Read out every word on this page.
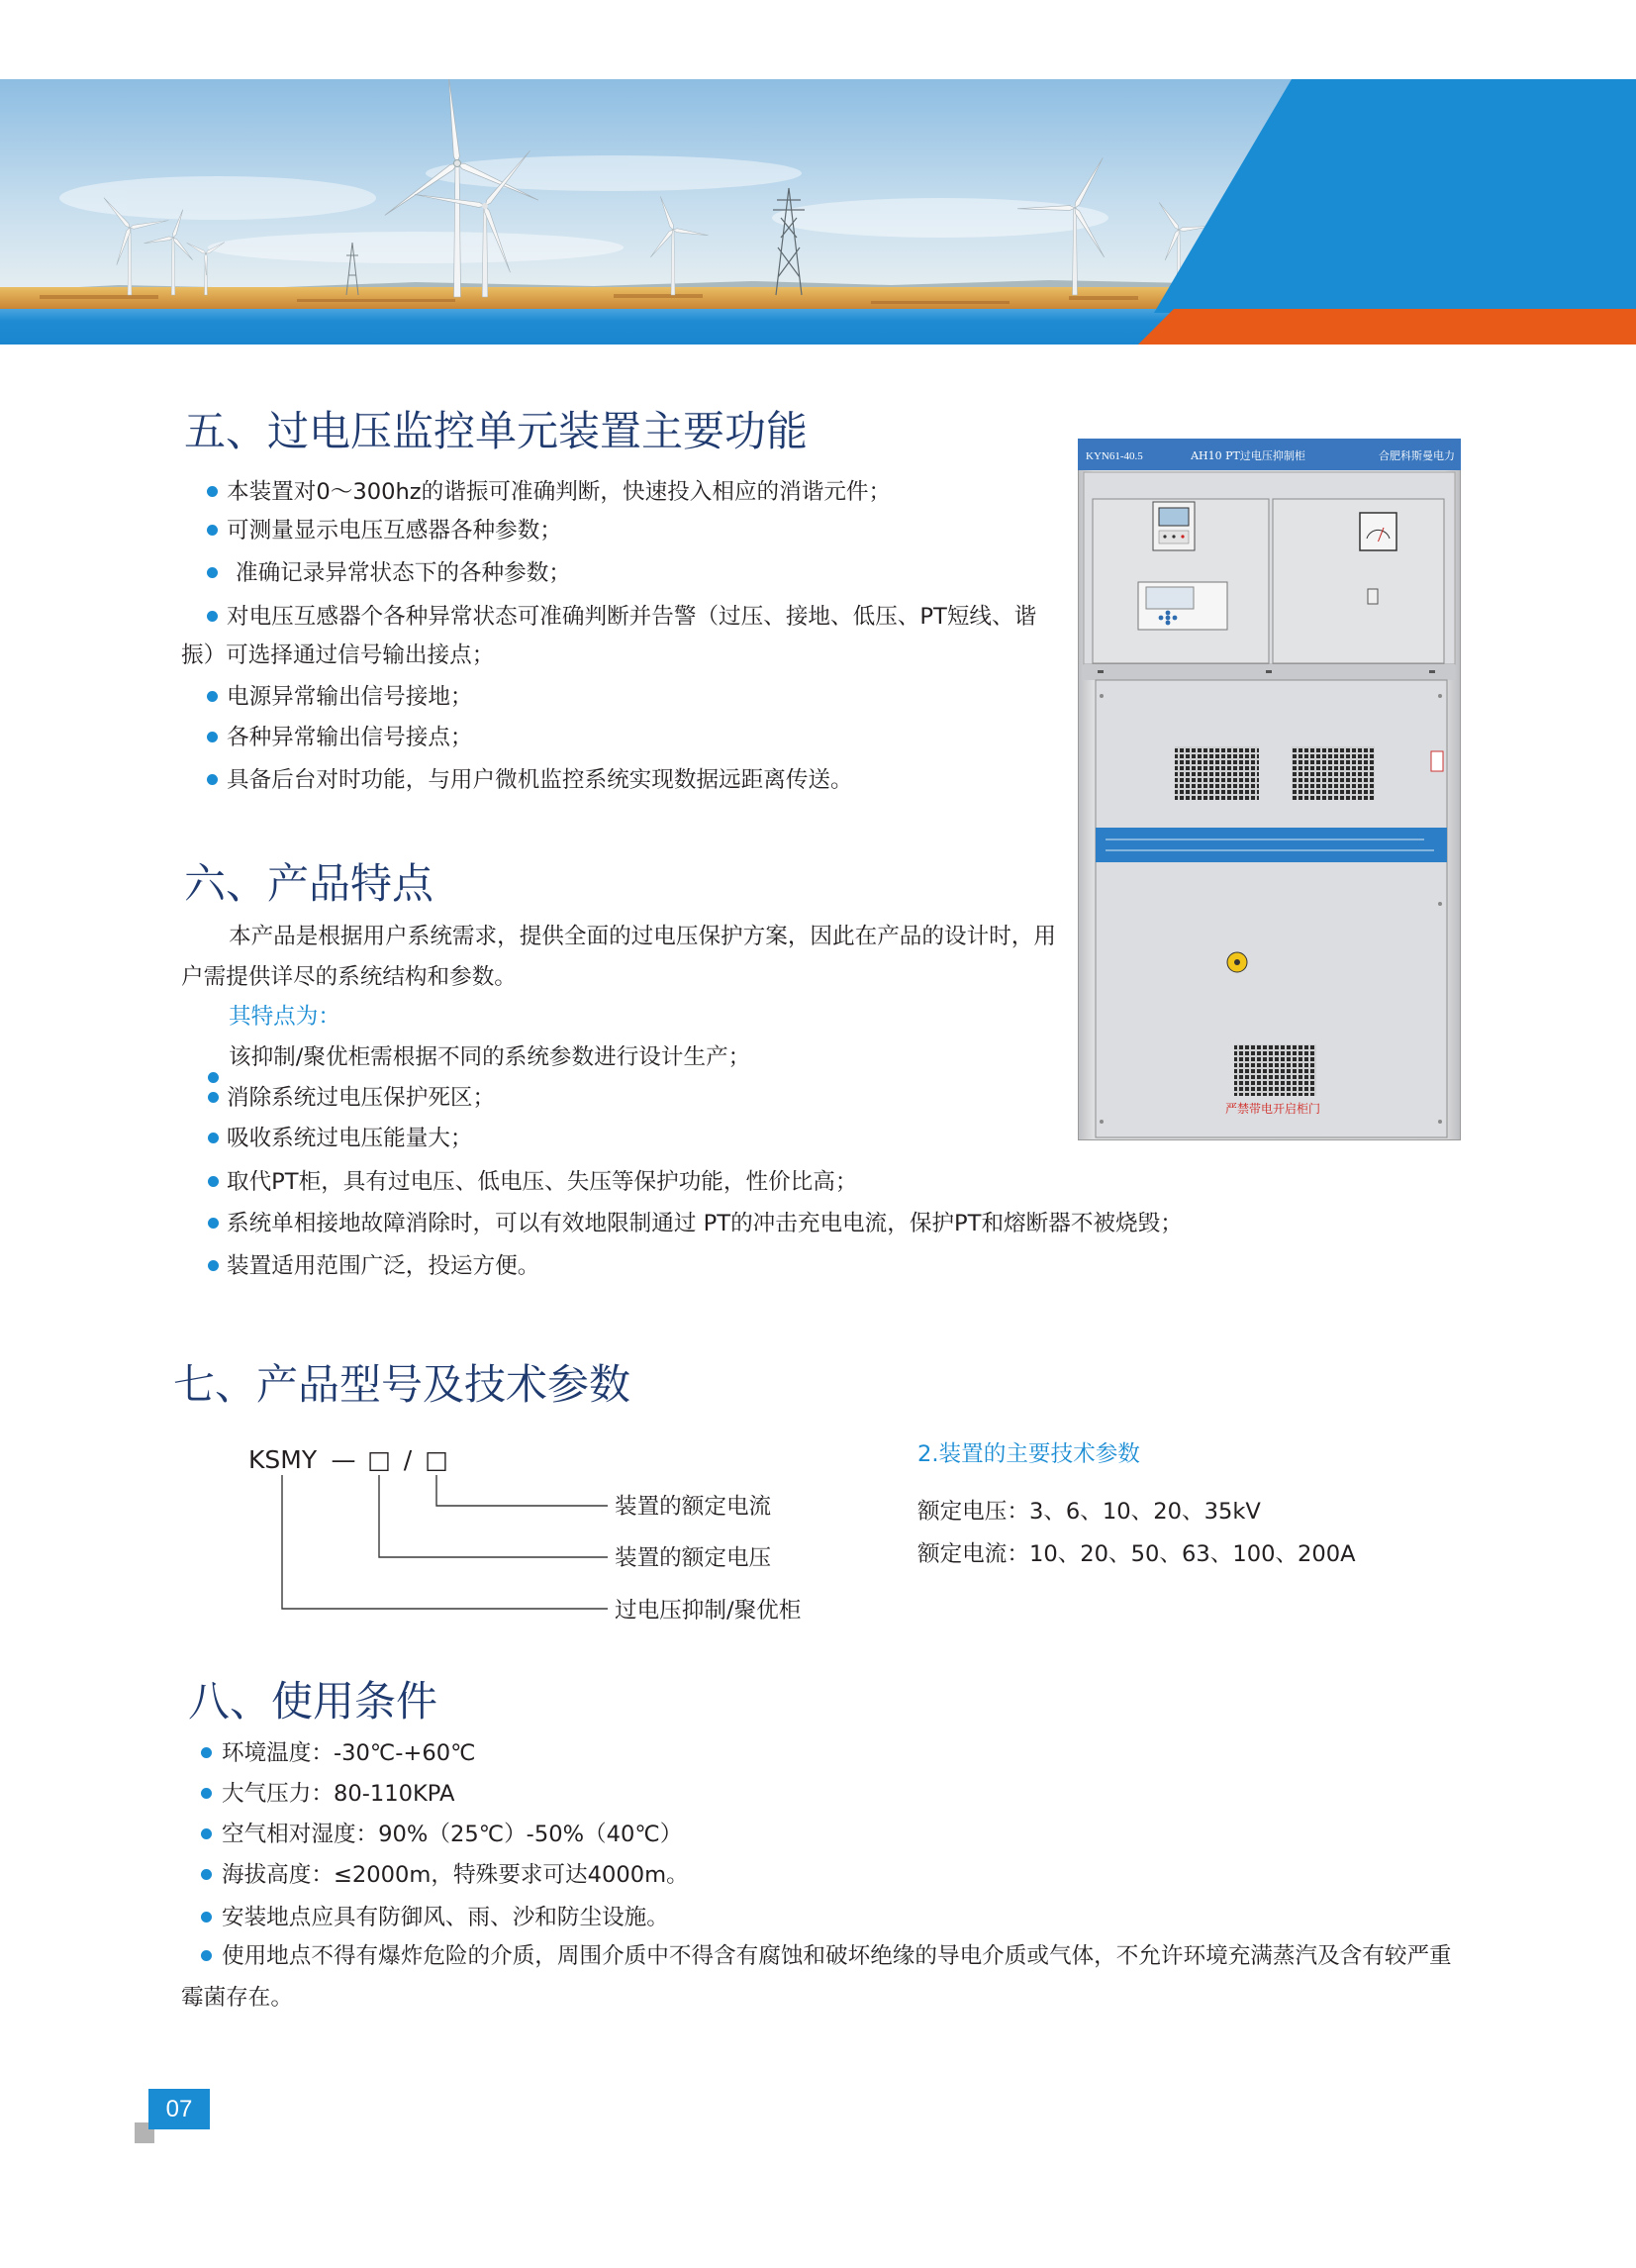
五、过电压监控单元装置主要功能
本装置对0～300hz的谐振可准确判断，快速投入相应的消谐元件；
可测量显示电压互感器各种参数；
准确记录异常状态下的各种参数；
对电压互感器个各种异常状态可准确判断并告警（过压、接地、低压、PT短线、谐
振）可选择通过信号输出接点；
电源异常输出信号接地；
各种异常输出信号接点；
具备后台对时功能，与用户微机监控系统实现数据远距离传送。
KYN61-40.5	AH10 PT过电压抑制柜	合肥科斯曼电力
严禁带电开启柜门
六、产品特点
本产品是根据用户系统需求，提供全面的过电压保护方案，因此在产品的设计时，用
户需提供详尽的系统结构和参数。
其特点为：
该抑制/聚优柜需根据不同的系统参数进行设计生产；
消除系统过电压保护死区；
吸收系统过电压能量大；
取代PT柜，具有过电压、低电压、失压等保护功能，性价比高；
系统单相接地故障消除时，可以有效地限制通过 PT的冲击充电电流，保护PT和熔断器不被烧毁；
装置适用范围广泛，投运方便。
七、产品型号及技术参数
KSMY — □ / □
装置的额定电流
装置的额定电压
过电压抑制/聚优柜
2.装置的主要技术参数
额定电压：3、6、10、20、35kV
额定电流：10、20、50、63、100、200A
八、使用条件
环境温度：-30℃-+60℃
大气压力：80-110KPA
空气相对湿度：90%（25℃）-50%（40℃）
海拔高度：≤2000m，特殊要求可达4000m。
安装地点应具有防御风、雨、沙和防尘设施。
使用地点不得有爆炸危险的介质，周围介质中不得含有腐蚀和破坏绝缘的导电介质或气体，不允许环境充满蒸汽及含有较严重
霉菌存在。
07
